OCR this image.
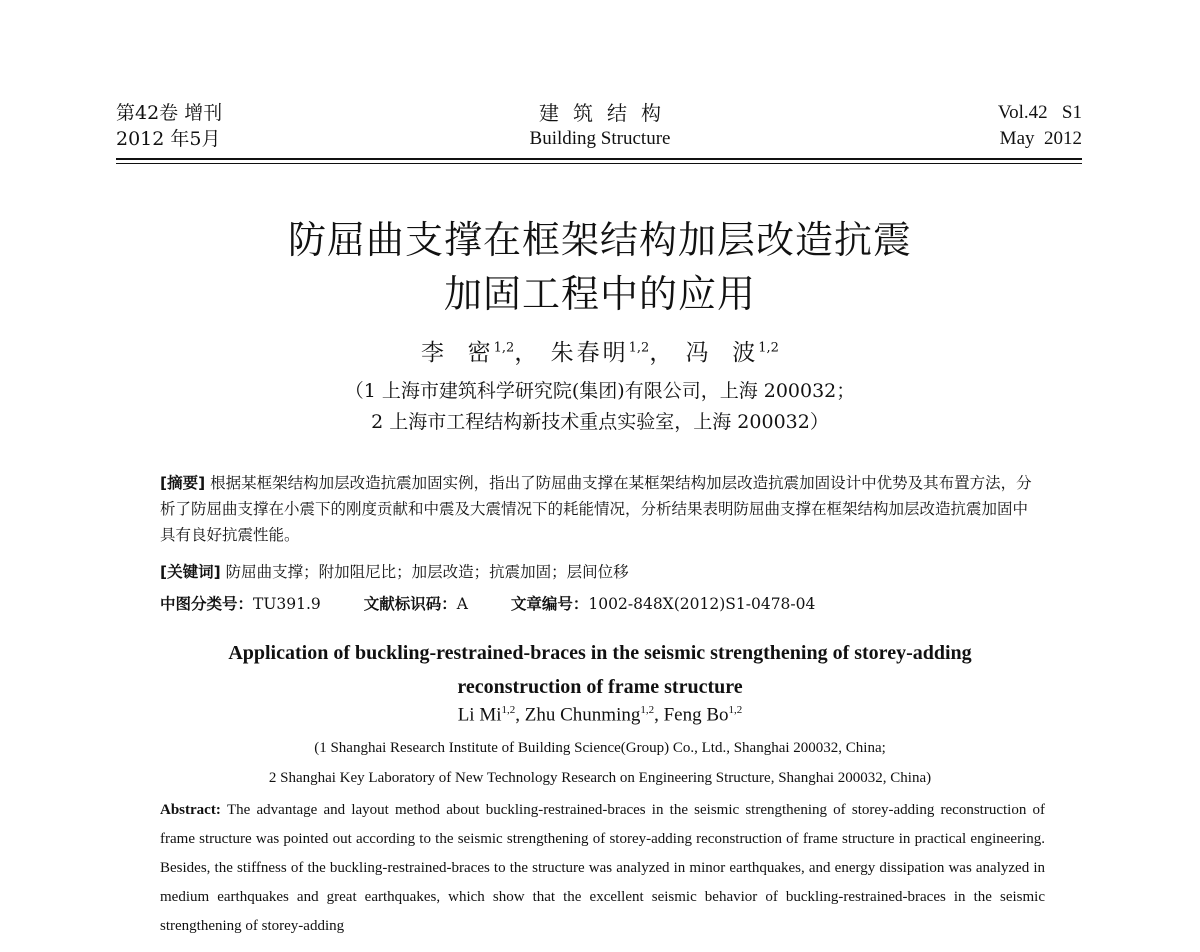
第42卷 增刊
2012 年5月
建筑结构
Building Structure
Vol.42   S1
May  2012
防屈曲支撑在框架结构加层改造抗震
加固工程中的应用
李  密$^{1,2}$， 朱春明$^{1,2}$， 冯  波$^{1,2}$
（1 上海市建筑科学研究院(集团)有限公司，上海 200032；
2 上海市工程结构新技术重点实验室，上海 200032）
[摘要] 根据某框架结构加层改造抗震加固实例，指出了防屈曲支撑在某框架结构加层改造抗震加固设计中优势及其布置方法，分析了防屈曲支撑在小震下的刚度贡献和中震及大震情况下的耗能情况，分析结果表明防屈曲支撑在框架结构加层改造抗震加固中具有良好抗震性能。
[关键词] 防屈曲支撑；附加阻尼比；加层改造；抗震加固；层间位移
中图分类号：TU391.9	文献标识码：A	文章编号：1002-848X(2012)S1-0478-04
Application of buckling-restrained-braces in the seismic strengthening of storey-adding
reconstruction of frame structure
Li Mi$^{1,2}$, Zhu Chunming$^{1,2}$, Feng Bo$^{1,2}$
(1 Shanghai Research Institute of Building Science(Group) Co., Ltd., Shanghai 200032, China;
2 Shanghai Key Laboratory of New Technology Research on Engineering Structure, Shanghai 200032, China)
Abstract: The advantage and layout method about buckling-restrained-braces in the seismic strengthening of storey-adding reconstruction of frame structure was pointed out according to the seismic strengthening of storey-adding reconstruction of frame structure in practical engineering. Besides, the stiffness of the buckling-restrained-braces to the structure was analyzed in minor earthquakes, and energy dissipation was analyzed in medium earthquakes and great earthquakes, which show that the excellent seismic behavior of buckling-restrained-braces in the seismic strengthening of storey-adding
